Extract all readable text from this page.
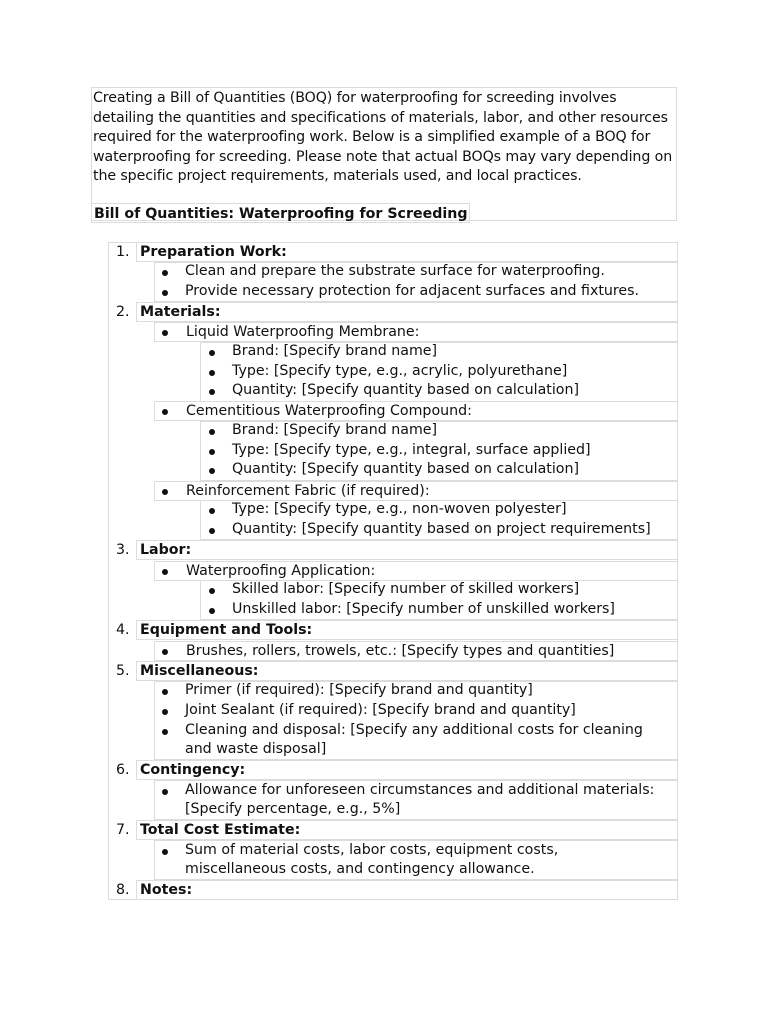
Creating a Bill of Quantities (BOQ) for waterproofing for screeding involves detailing the quantities and specifications of materials, labor, and other resources required for the waterproofing work. Below is a simplified example of a BOQ for waterproofing for screeding. Please note that actual BOQs may vary depending on the specific project requirements, materials used, and local practices.
Bill of Quantities: Waterproofing for Screeding
1. Preparation Work:
Clean and prepare the substrate surface for waterproofing.
Provide necessary protection for adjacent surfaces and fixtures.
2. Materials:
Liquid Waterproofing Membrane:
Brand: [Specify brand name]
Type: [Specify type, e.g., acrylic, polyurethane]
Quantity: [Specify quantity based on calculation]
Cementitious Waterproofing Compound:
Brand: [Specify brand name]
Type: [Specify type, e.g., integral, surface applied]
Quantity: [Specify quantity based on calculation]
Reinforcement Fabric (if required):
Type: [Specify type, e.g., non-woven polyester]
Quantity: [Specify quantity based on project requirements]
3. Labor:
Waterproofing Application:
Skilled labor: [Specify number of skilled workers]
Unskilled labor: [Specify number of unskilled workers]
4. Equipment and Tools:
Brushes, rollers, trowels, etc.: [Specify types and quantities]
5. Miscellaneous:
Primer (if required): [Specify brand and quantity]
Joint Sealant (if required): [Specify brand and quantity]
Cleaning and disposal: [Specify any additional costs for cleaning and waste disposal]
6. Contingency:
Allowance for unforeseen circumstances and additional materials: [Specify percentage, e.g., 5%]
7. Total Cost Estimate:
Sum of material costs, labor costs, equipment costs, miscellaneous costs, and contingency allowance.
8. Notes:
